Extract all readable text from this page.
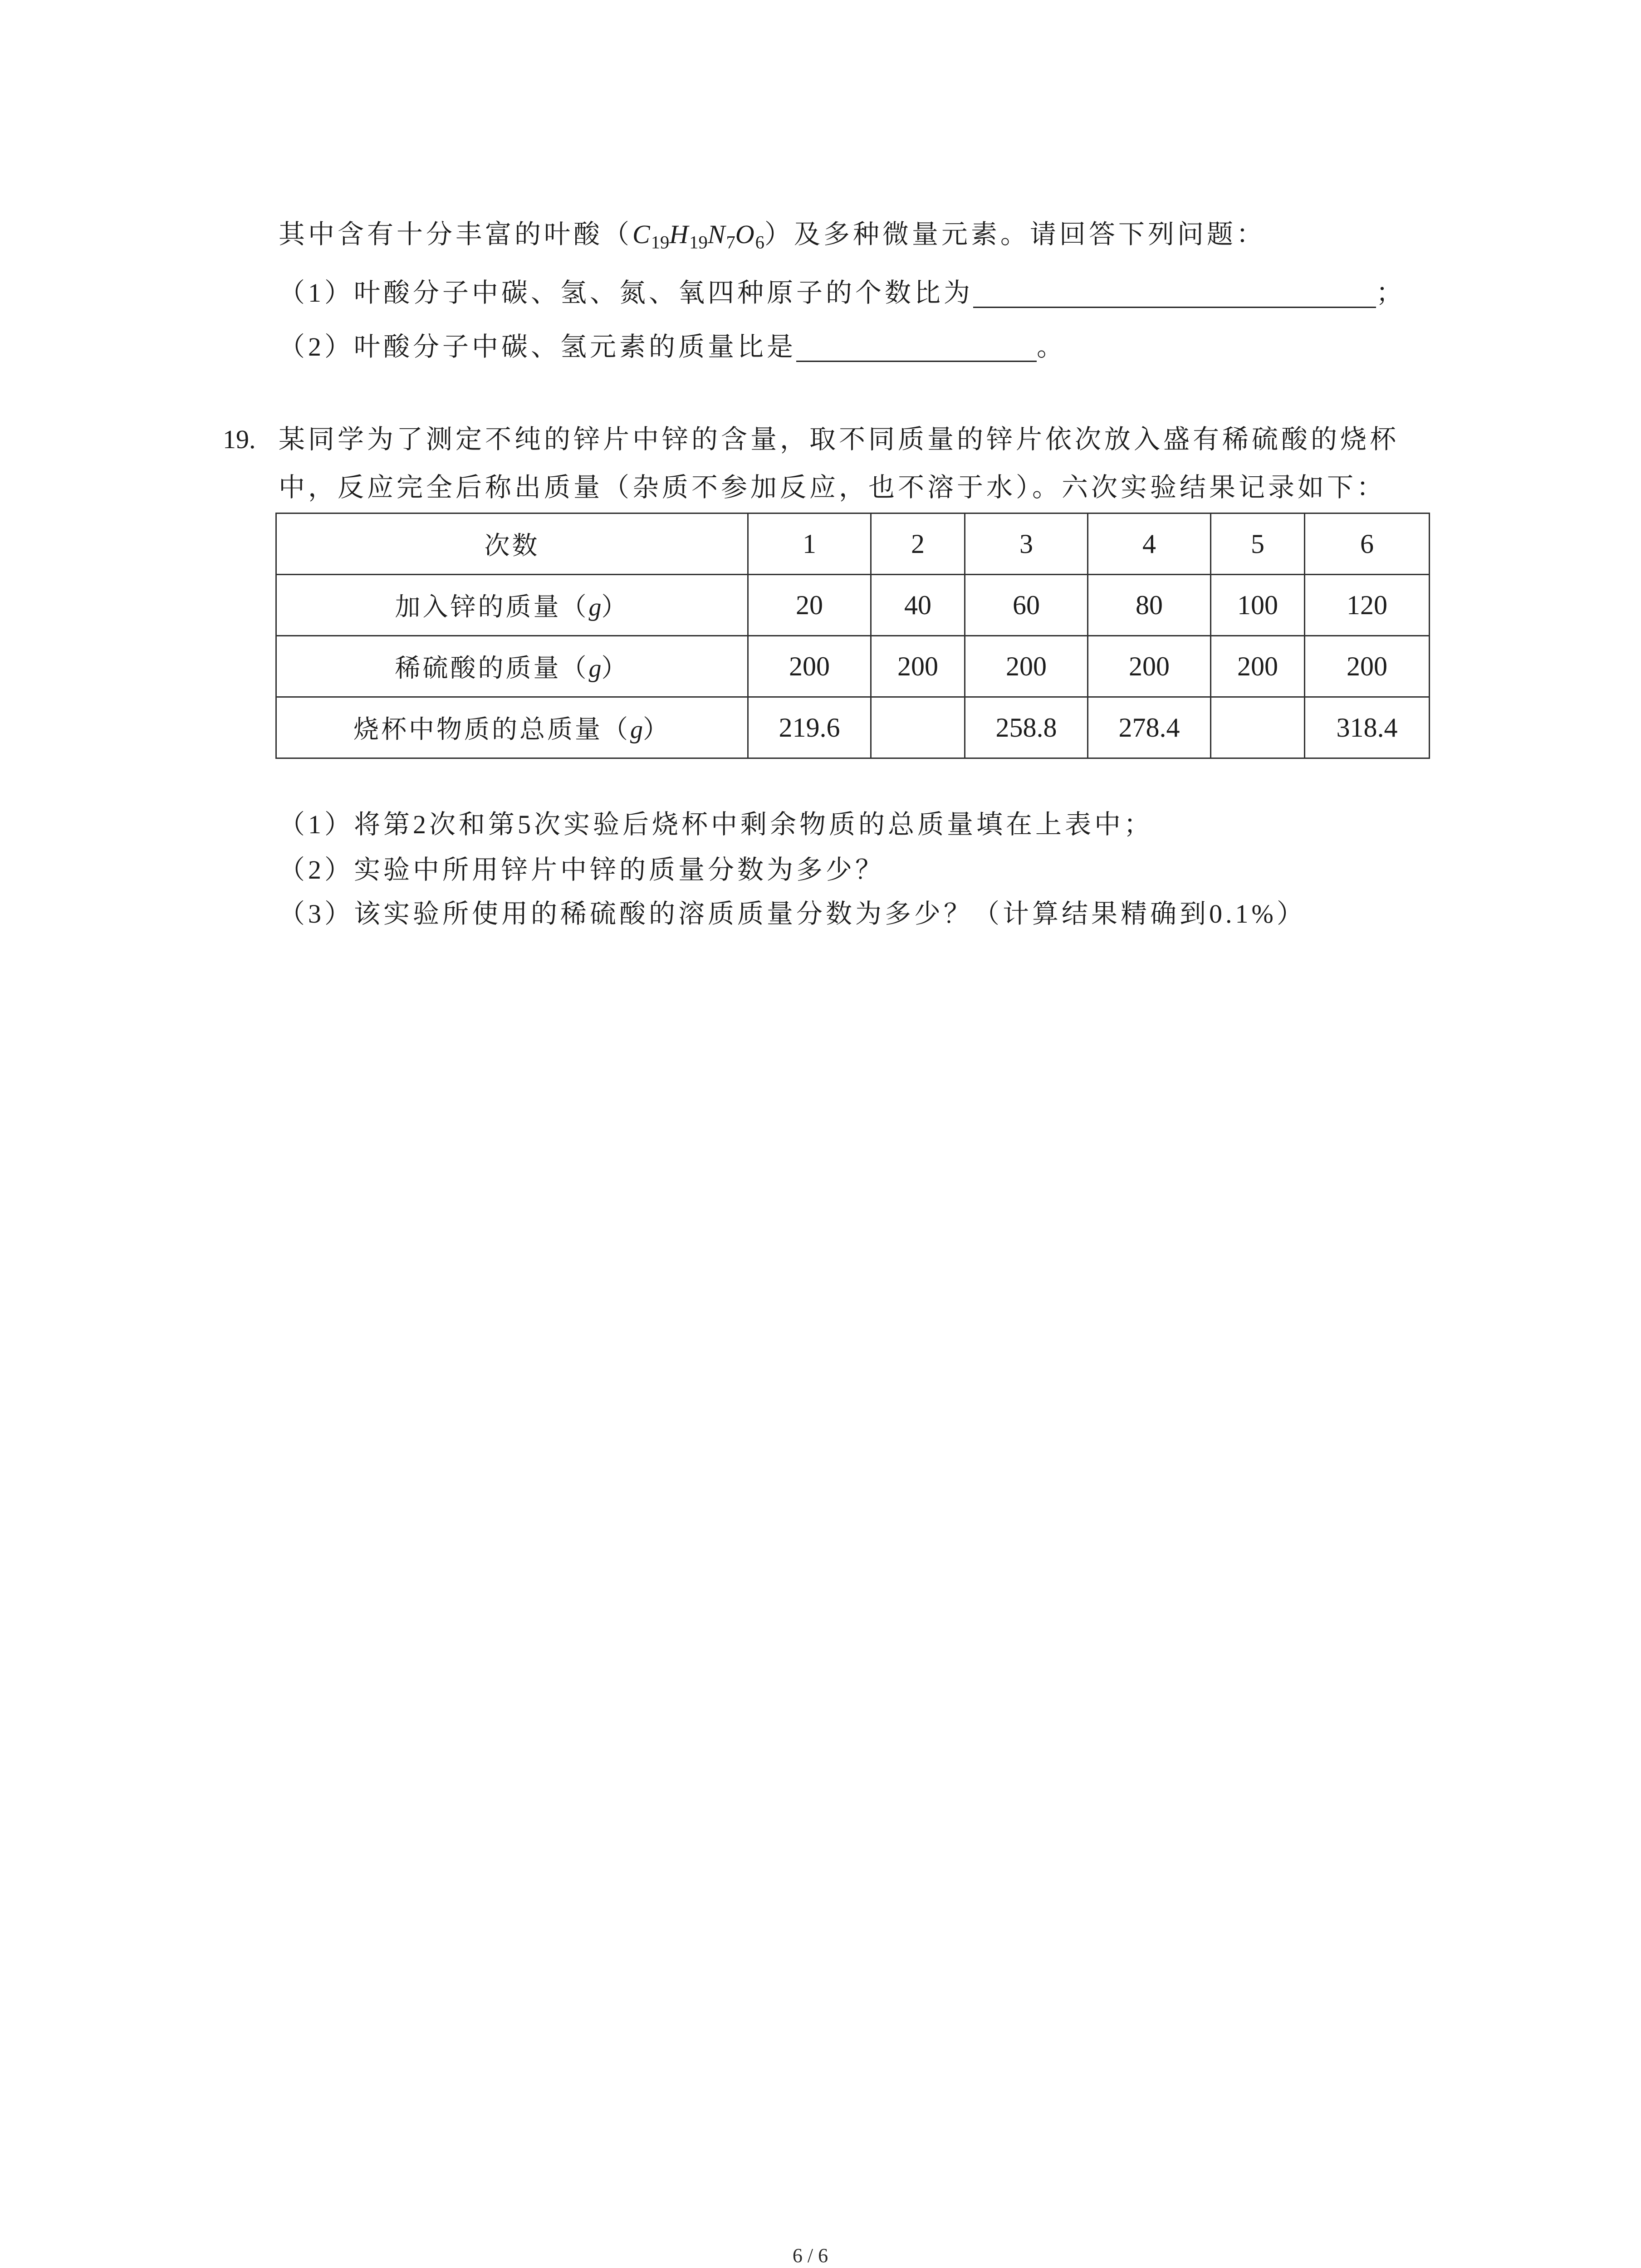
其中含有十分丰富的叶酸$(C_{19}H_{19}N_7O_6)$及多种微量元素。请回答下列问题：
（1）叶酸分子中碳、氢、氮、氧四种原子的个数比为	；
（2）叶酸分子中碳、氢元素的质量比是	。
19. 某同学为了测定不纯的锌片中锌的含量，取不同质量的锌片依次放入盛有稀硫酸的烧杯
中，反应完全后称出质量（杂质不参加反应，也不溶于水）。六次实验结果记录如下：
次数	1	2	3	4	5	6
加入锌的质量（g）	20	40	60	80	100	120
稀硫酸的质量（g）	200	200	200	200	200	200
烧杯中物质的总质量（g）	219.6		258.8	278.4		318.4
（1）将第2次和第5次实验后烧杯中剩余物质的总质量填在上表中；
（2）实验中所用锌片中锌的质量分数为多少？
（3）该实验所使用的稀硫酸的溶质质量分数为多少？（计算结果精确到0.1%）
6 / 6
